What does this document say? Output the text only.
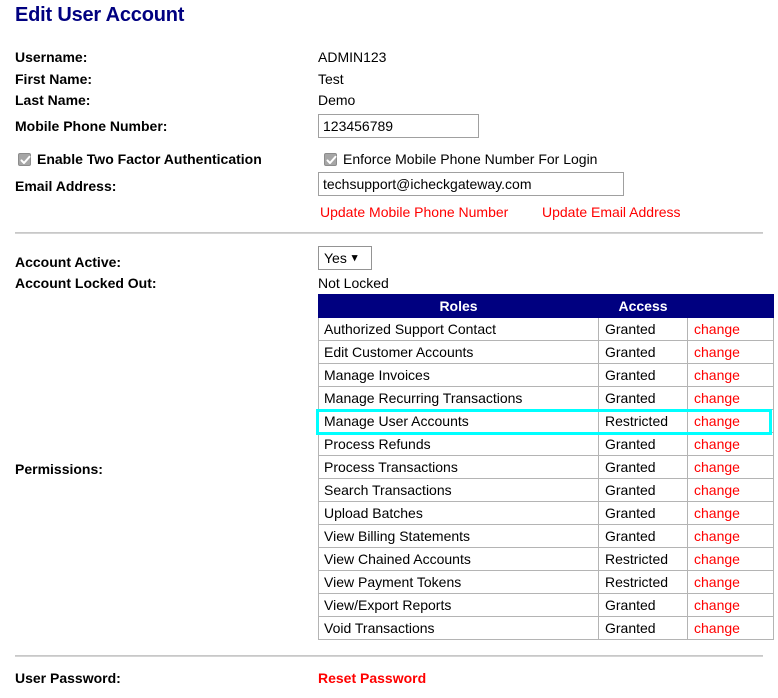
Edit User Account
Username:	ADMIN123
First Name:	Test
Last Name:	Demo
Mobile Phone Number:
123456789
Enable Two Factor Authentication	Enforce Mobile Phone Number For Login
Email Address:
techsupport@icheckgateway.com
Update Mobile Phone Number Update Email Address
Account Active:	Yes ▾
Account Locked Out:	Not Locked
Permissions:
Roles	Access	
Authorized Support Contact	Granted	change
Edit Customer Accounts	Granted	change
Manage Invoices	Granted	change
Manage Recurring Transactions	Granted	change
Manage User Accounts	Restricted	change
Process Refunds	Granted	change
Process Transactions	Granted	change
Search Transactions	Granted	change
Upload Batches	Granted	change
View Billing Statements	Granted	change
View Chained Accounts	Restricted	change
View Payment Tokens	Restricted	change
View/Export Reports	Granted	change
Void Transactions	Granted	change
User Password:	Reset Password
